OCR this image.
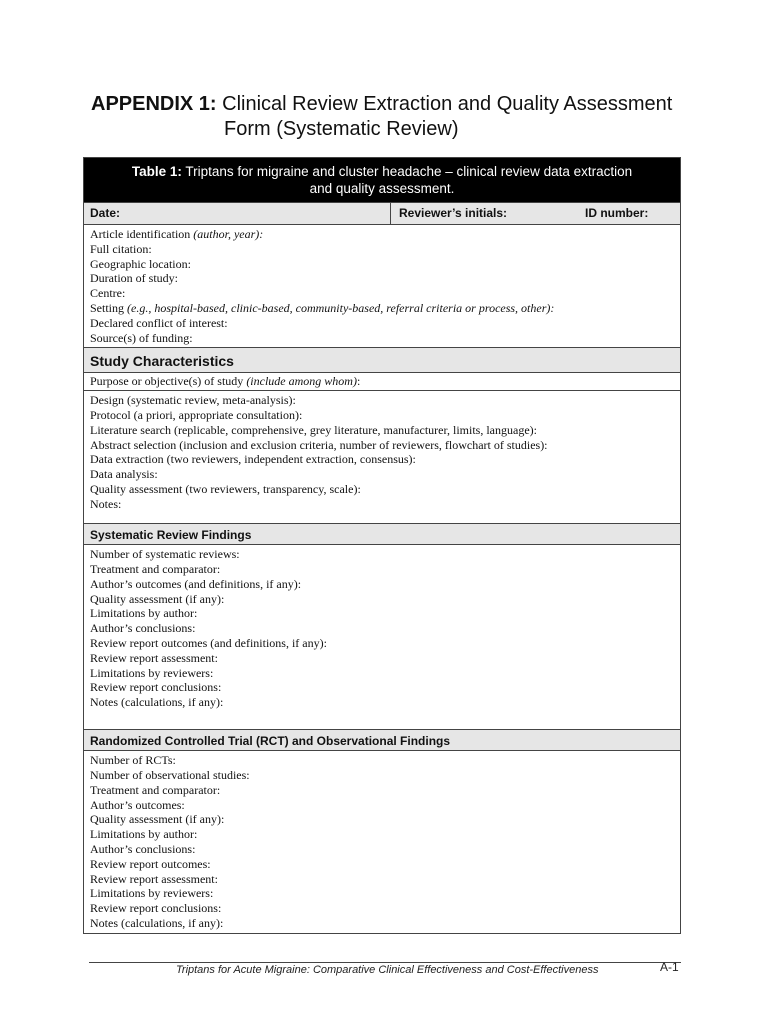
APPENDIX 1: Clinical Review Extraction and Quality Assessment
Form (Systematic Review)
Table 1: Triptans for migraine and cluster headache – clinical review data extraction
and quality assessment.
Date:	Reviewer’s initials:	ID number:
Article identification (author, year):
Full citation:
Geographic location:
Duration of study:
Centre:
Setting (e.g., hospital-based, clinic-based, community-based, referral criteria or process, other):
Declared conflict of interest:
Source(s) of funding:
Study Characteristics
Purpose or objective(s) of study (include among whom):
Design (systematic review, meta-analysis):
Protocol (a priori, appropriate consultation):
Literature search (replicable, comprehensive, grey literature, manufacturer, limits, language):
Abstract selection (inclusion and exclusion criteria, number of reviewers, flowchart of studies):
Data extraction (two reviewers, independent extraction, consensus):
Data analysis:
Quality assessment (two reviewers, transparency, scale):
Notes:
Systematic Review Findings
Number of systematic reviews:
Treatment and comparator:
Author’s outcomes (and definitions, if any):
Quality assessment (if any):
Limitations by author:
Author’s conclusions:
Review report outcomes (and definitions, if any):
Review report assessment:
Limitations by reviewers:
Review report conclusions:
Notes (calculations, if any):
Randomized Controlled Trial (RCT) and Observational Findings
Number of RCTs:
Number of observational studies:
Treatment and comparator:
Author’s outcomes:
Quality assessment (if any):
Limitations by author:
Author’s conclusions:
Review report outcomes:
Review report assessment:
Limitations by reviewers:
Review report conclusions:
Notes (calculations, if any):
Triptans for Acute Migraine: Comparative Clinical Effectiveness and Cost-Effectiveness	A-1
